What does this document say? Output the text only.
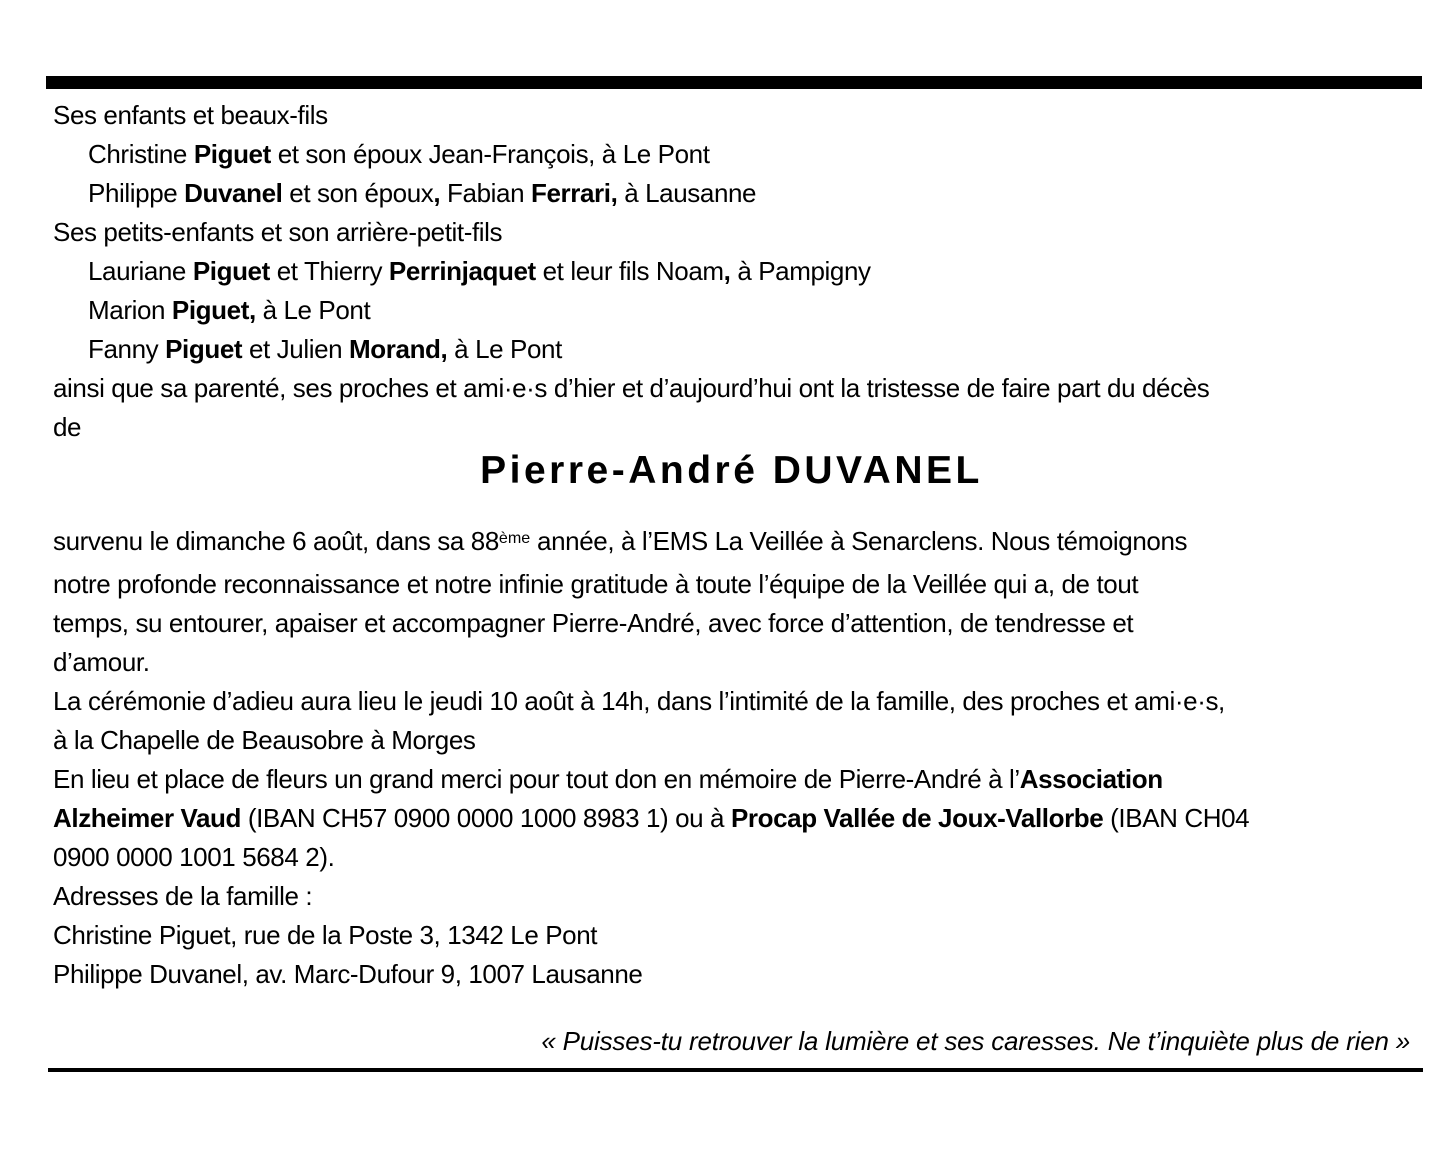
Ses enfants et beaux-fils
Christine Piguet et son époux Jean-François, à Le Pont
Philippe Duvanel et son époux, Fabian Ferrari, à Lausanne
Ses petits-enfants et son arrière-petit-fils
Lauriane Piguet et Thierry Perrinjaquet et leur fils Noam, à Pampigny
Marion Piguet, à Le Pont
Fanny Piguet et Julien Morand, à Le Pont
ainsi que sa parenté, ses proches et ami·e·s d’hier et d’aujourd’hui ont la tristesse de faire part du décès
de
Pierre-André DUVANEL
survenu le dimanche 6 août, dans sa 88ème année, à l’EMS La Veillée à Senarclens. Nous témoignons
notre profonde reconnaissance et notre infinie gratitude à toute l’équipe de la Veillée qui a, de tout
temps, su entourer, apaiser et accompagner Pierre-André, avec force d’attention, de tendresse et
d’amour.
La cérémonie d’adieu aura lieu le jeudi 10 août à 14h, dans l’intimité de la famille, des proches et ami·e·s,
à la Chapelle de Beausobre à Morges
En lieu et place de fleurs un grand merci pour tout don en mémoire de Pierre-André à l’Association
Alzheimer Vaud (IBAN CH57 0900 0000 1000 8983 1) ou à Procap Vallée de Joux-Vallorbe (IBAN CH04
0900 0000 1001 5684 2).
Adresses de la famille :
Christine Piguet, rue de la Poste 3, 1342 Le Pont
Philippe Duvanel, av. Marc-Dufour 9, 1007 Lausanne
« Puisses-tu retrouver la lumière et ses caresses. Ne t’inquiète plus de rien »
